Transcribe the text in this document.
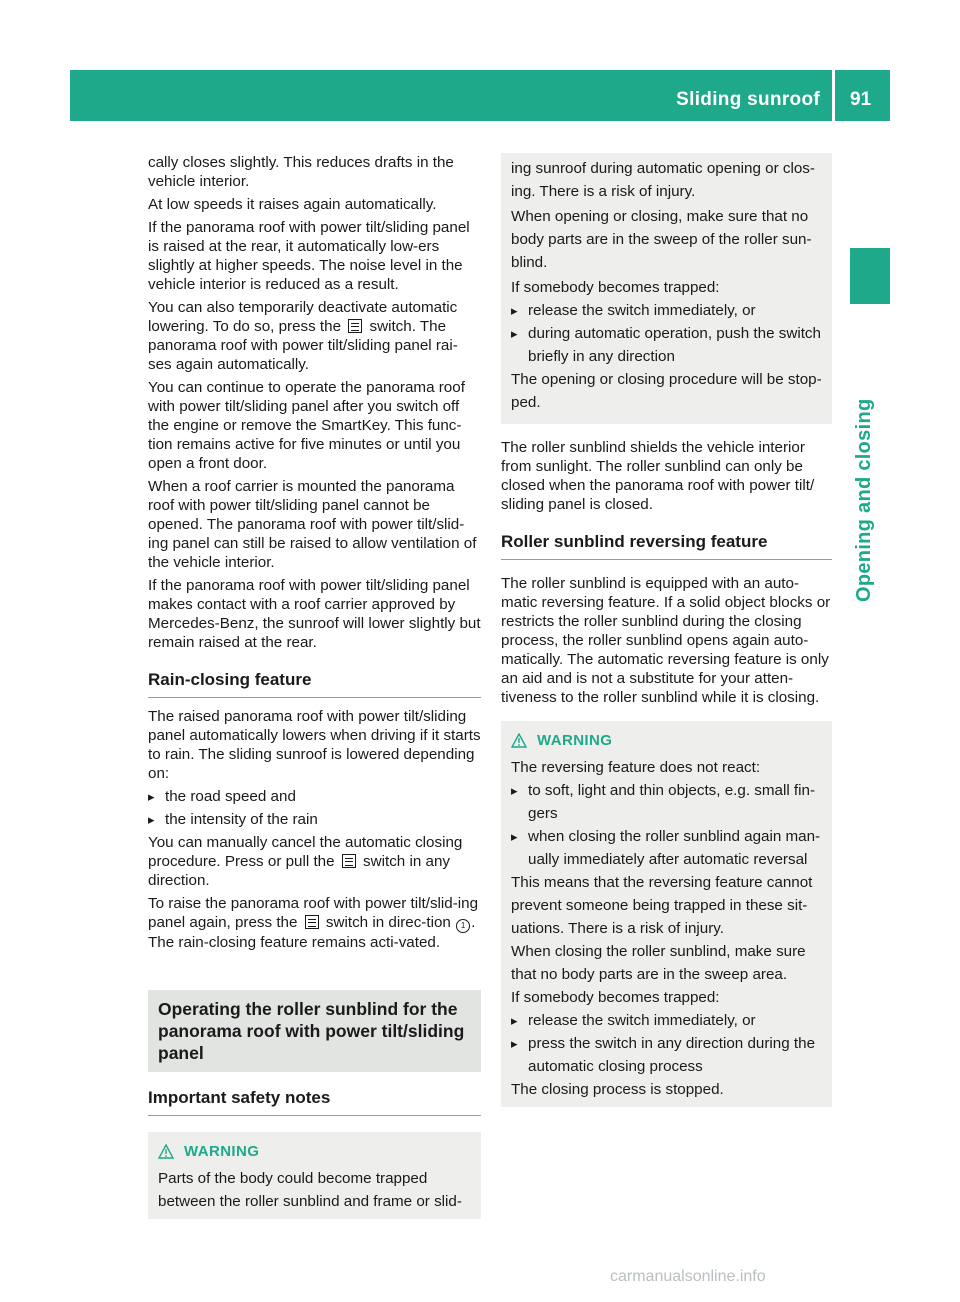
Sliding sunroof 91
Opening and closing

cally closes slightly. This reduces drafts in the vehicle interior.

At low speeds it raises again automatically.

If the panorama roof with power tilt/sliding panel is raised at the rear, it automatically low-ers slightly at higher speeds. The noise level in the vehicle interior is reduced as a result.

You can also temporarily deactivate automatic lowering. To do so, press the switch. The panorama roof with power tilt/sliding panel rai-ses again automatically.

You can continue to operate the panorama roof with power tilt/sliding panel after you switch off the engine or remove the SmartKey. This func-tion remains active for five minutes or until you open a front door.

When a roof carrier is mounted the panorama roof with power tilt/sliding panel cannot be opened. The panorama roof with power tilt/slid-ing panel can still be raised to allow ventilation of the vehicle interior.

If the panorama roof with power tilt/sliding panel makes contact with a roof carrier approved by Mercedes-Benz, the sunroof will lower slightly but remain raised at the rear.

Rain-closing feature

The raised panorama roof with power tilt/sliding panel automatically lowers when driving if it starts to rain. The sliding sunroof is lowered depending on:

▸ the road speed and
▸ the intensity of the rain

You can manually cancel the automatic closing procedure. Press or pull the switch in any direction.

To raise the panorama roof with power tilt/slid-ing panel again, press the switch in direc-tion 1 . The rain-closing feature remains acti-vated.

Operating the roller sunblind for the panorama roof with power tilt/sliding panel
Important safety notes
WARNING

Parts of the body could become trapped between the roller sunblind and frame or slid-

ing sunroof during automatic opening or clos-ing. There is a risk of injury.

When opening or closing, make sure that no body parts are in the sweep of the roller sun-blind.

If somebody becomes trapped:

▸ release the switch immediately, or
▸ during automatic operation, push the switch briefly in any direction

The opening or closing procedure will be stop-ped.

The roller sunblind shields the vehicle interior from sunlight. The roller sunblind can only be closed when the panorama roof with power tilt/ sliding panel is closed.

Roller sunblind reversing feature

The roller sunblind is equipped with an auto-matic reversing feature. If a solid object blocks or restricts the roller sunblind during the closing process, the roller sunblind opens again auto-matically. The automatic reversing feature is only an aid and is not a substitute for your atten-tiveness to the roller sunblind while it is closing.

WARNING

The reversing feature does not react:

▸ to soft, light and thin objects, e.g. small fin-gers
▸ when closing the roller sunblind again man-ually immediately after automatic reversal

This means that the reversing feature cannot prevent someone being trapped in these sit-uations. There is a risk of injury.

When closing the roller sunblind, make sure that no body parts are in the sweep area.

If somebody becomes trapped:

▸ release the switch immediately, or
▸ press the switch in any direction during the automatic closing process

The closing process is stopped.

carmanualsonline.info
